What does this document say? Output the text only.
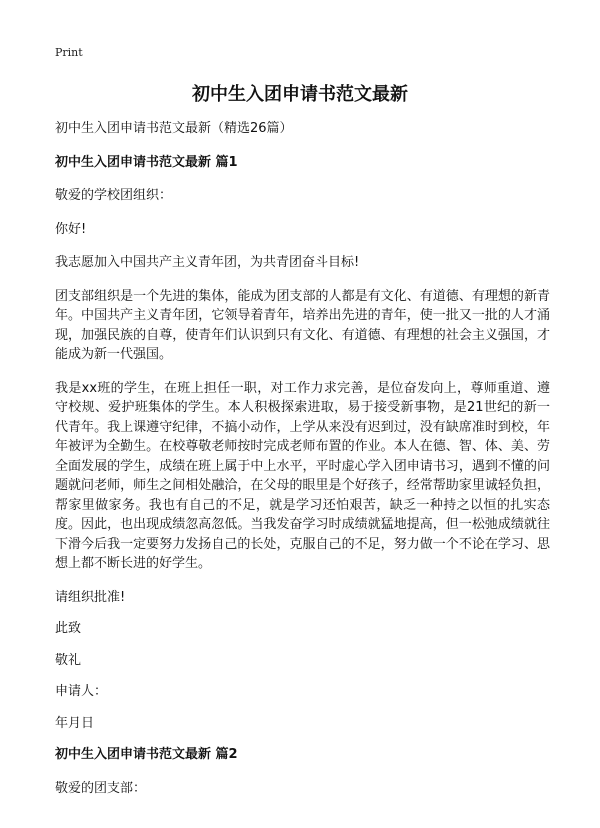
Print
初中生入团申请书范文最新

初中生入团申请书范文最新（精选26篇）

初中生入团申请书范文最新 篇1

敬爱的学校团组织：

你好!

我志愿加入中国共产主义青年团，为共青团奋斗目标!

团支部组织是一个先进的集体，能成为团支部的人都是有文化、有道德、有理想的新青年。中国共产主义青年团，它领导着青年，培养出先进的青年，使一批又一批的人才涌现，加强民族的自尊，使青年们认识到只有文化、有道德、有理想的社会主义强国，才能成为新一代强国。

我是xx班的学生，在班上担任一职，对工作力求完善，是位奋发向上，尊师重道、遵守校规、爱护班集体的学生。本人积极探索进取，易于接受新事物，是21世纪的新一代青年。我上课遵守纪律，不搞小动作，上学从来没有迟到过，没有缺席准时到校，年年被评为全勤生。在校尊敬老师按时完成老师布置的作业。本人在德、智、体、美、劳全面发展的学生，成绩在班上属于中上水平，平时虚心学入团申请书习，遇到不懂的问题就问老师，师生之间相处融洽，在父母的眼里是个好孩子，经常帮助家里诚轻负担，帮家里做家务。我也有自己的不足，就是学习还怕艰苦，缺乏一种持之以恒的扎实态度。因此，也出现成绩忽高忽低。当我发奋学习时成绩就猛地提高，但一松弛成绩就往下滑今后我一定要努力发扬自己的长处，克服自己的不足，努力做一个不论在学习、思想上都不断长进的好学生。

请组织批准!

此致

敬礼

申请人：

年月日

初中生入团申请书范文最新 篇2

敬爱的团支部：
